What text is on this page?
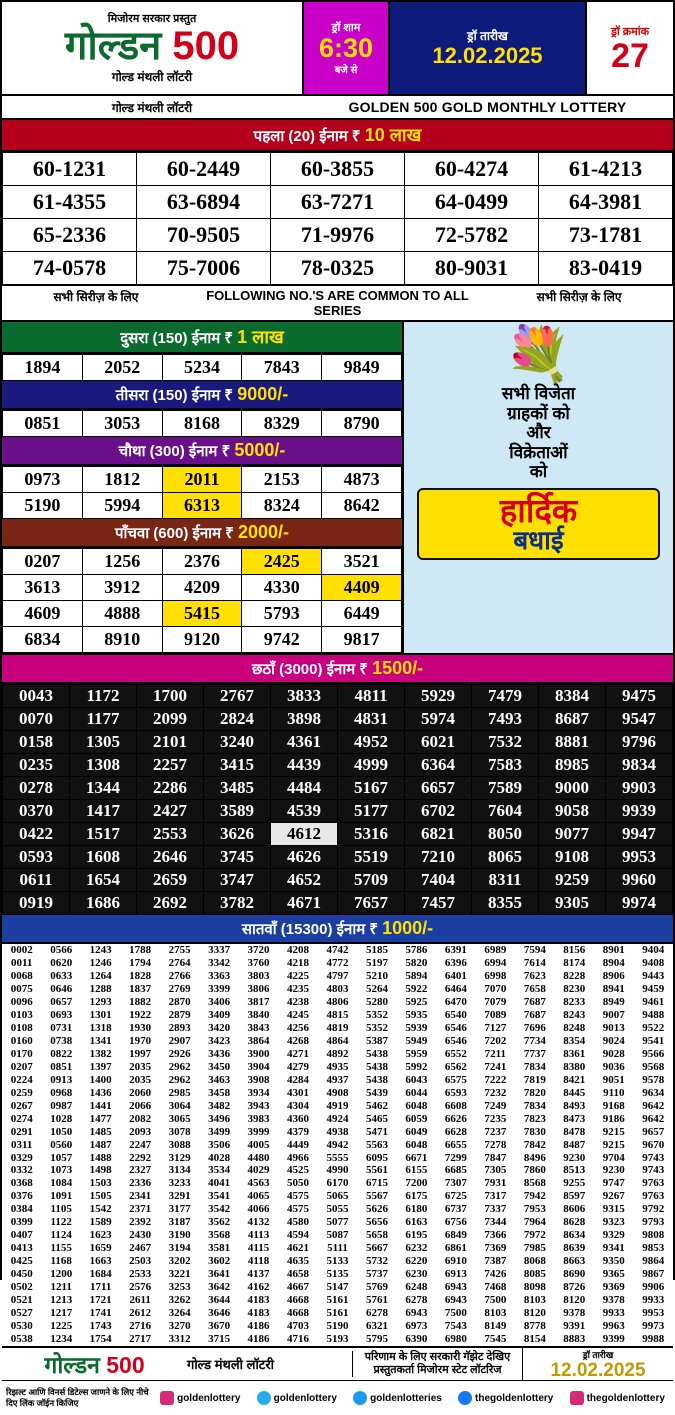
मिजोरम सरकार प्रस्तुत
गोल्डन 500
गोल्ड मंथली लॉटरी
ड्रॉ शाम
6:30
बजे से
ड्रॉ तारीख
12.02.2025
ड्रॉ क्रमांक
27
गोल्ड मंथली लॉटरी	GOLDEN 500 GOLD MONTHLY LOTTERY
पहला (20) ईनाम ₹ 10 लाख
60-1231	60-2449	60-3855	60-4274	61-4213
61-4355	63-6894	63-7271	64-0499	64-3981
65-2336	70-9505	71-9976	72-5782	73-1781
74-0578	75-7006	78-0325	80-9031	83-0419
सभी सिरीज़ के लिए	FOLLOWING NO.'S ARE COMMON TO ALL SERIES
सभी सिरीज़ के लिए
दुसरा (150) ईनाम ₹ 1 लाख
1894	2052	5234	7843	9849
तीसरा (150) ईनाम ₹ 9000/-
0851	3053	8168	8329	8790
चौथा (300) ईनाम ₹ 5000/-
0973	1812	2011	2153	4873
5190	5994	6313	8324	8642
पाँचवा (600) ईनाम ₹ 2000/-
0207	1256	2376	2425	3521
3613	3912	4209	4330	4409
4609	4888	5415	5793	6449
6834	8910	9120	9742	9817
💐
सभी विजेता
ग्राहकों को
और
विक्रेताओं
को
हार्दिक
बधाई
छठाँ (3000) ईनाम ₹ 1500/-
0043	1172	1700	2767	3833	4811	5929	7479	8384	9475
0070	1177	2099	2824	3898	4831	5974	7493	8687	9547
0158	1305	2101	3240	4361	4952	6021	7532	8881	9796
0235	1308	2257	3415	4439	4999	6364	7583	8985	9834
0278	1344	2286	3485	4484	5167	6657	7589	9000	9903
0370	1417	2427	3589	4539	5177	6702	7604	9058	9939
0422	1517	2553	3626	4612	5316	6821	8050	9077	9947
0593	1608	2646	3745	4626	5519	7210	8065	9108	9953
0611	1654	2659	3747	4652	5709	7404	8311	9259	9960
0919	1686	2692	3782	4671	7657	7457	8355	9305	9974
सातवाँ (15300) ईनाम ₹ 1000/-
0002	0566	1243	1788	2755	3337	3720	4208	4742	5185	5786	6391	6989	7594	8156	8901	9404
0011	0620	1246	1794	2764	3342	3760	4218	4772	5197	5820	6396	6994	7614	8174	8904	9408
0068	0633	1264	1828	2766	3363	3803	4225	4797	5210	5894	6401	6998	7623	8228	8906	9443
0075	0646	1288	1837	2769	3399	3806	4235	4803	5264	5922	6464	7070	7658	8230	8941	9459
0096	0657	1293	1882	2870	3406	3817	4238	4806	5280	5925	6470	7079	7687	8233	8949	9461
0103	0693	1301	1922	2879	3409	3840	4245	4815	5352	5935	6540	7089	7687	8243	9007	9488
0108	0731	1318	1930	2893	3420	3843	4256	4819	5352	5939	6546	7127	7696	8248	9013	9522
0160	0738	1341	1970	2907	3423	3864	4268	4864	5387	5949	6546	7202	7734	8354	9024	9541
0170	0822	1382	1997	2926	3436	3900	4271	4892	5438	5959	6552	7211	7737	8361	9028	9566
0207	0851	1397	2035	2962	3450	3904	4279	4935	5438	5992	6562	7241	7834	8380	9036	9568
0224	0913	1400	2035	2962	3463	3908	4284	4937	5438	6043	6575	7222	7819	8421	9051	9578
0259	0968	1436	2060	2985	3458	3934	4301	4908	5439	6044	6593	7232	7820	8445	9110	9634
0267	0987	1441	2066	3064	3482	3943	4304	4919	5462	6048	6608	7249	7834	8493	9168	9642
0274	1028	1477	2082	3065	3496	3983	4360	4924	5465	6059	6626	7235	7823	8473	9186	9642
0291	1050	1485	2093	3078	3499	3999	4379	4938	5471	6049	6628	7237	7830	8478	9215	9657
0311	0560	1487	2247	3088	3506	4005	4449	4942	5563	6048	6655	7278	7842	8487	9215	9670
0329	1057	1488	2292	3129	4028	4480	4966	5555	6095	6671	7299	7847	8496	9230	9704	9743
0332	1073	1498	2327	3134	3534	4029	4525	4990	5561	6155	6685	7305	7860	8513	9230	9743
0368	1084	1503	2336	3233	4041	4563	5050	6170	6715	7200	7307	7931	8568	9255	9747	9763
0376	1091	1505	2341	3291	3541	4065	4575	5065	5567	6175	6725	7317	7942	8597	9267	9763
0384	1105	1542	2371	3177	3542	4066	4575	5055	5626	6180	6737	7337	7953	8606	9315	9792
0399	1122	1589	2392	3187	3562	4132	4580	5077	5656	6163	6756	7344	7964	8628	9323	9793
0407	1124	1623	2430	3190	3568	4113	4594	5087	5658	6195	6849	7366	7972	8634	9329	9808
0413	1155	1659	2467	3194	3581	4115	4621	5111	5667	6232	6861	7369	7985	8639	9341	9853
0425	1168	1663	2503	3202	3602	4118	4635	5133	5732	6220	6910	7387	8068	8663	9350	9864
0450	1200	1684	2533	3221	3641	4137	4658	5135	5737	6230	6913	7426	8085	8690	9365	9867
0502	1211	1711	2576	3253	3642	4162	4667	5147	5769	6248	6943	7468	8098	8726	9369	9906
0521	1213	1721	2611	3262	3644	4183	4668	5161	5761	6278	6943	7500	8103	8120	9378	9933
0527	1217	1741	2612	3264	3646	4183	4668	5161	6278	6943	7500	8103	8120	9378	9933	9953
0530	1225	1743	2716	3270	3670	4186	4703	5190	6321	6973	7543	8149	8778	9391	9963	9973
0538	1234	1754	2717	3312	3715	4186	4716	5193	5795	6390	6980	7545	8154	8883	9399	9988
गोल्डन 500	गोल्ड मंथली लॉटरी	परिणाम के लिए सरकारी गॅझेट देखिए
प्रस्तुतकर्ता मिजोरम स्टेट लॉटरिज
ड्रॉ तारीख
12.02.2025
रिझल्ट आणि विनर्स डिटेल्स जाणने के लिए नीचे दिए लिंक जॉईन किजिए	goldenlottery	goldenlottery	goldenlotteries	thegoldenlottery	thegoldenlottery
